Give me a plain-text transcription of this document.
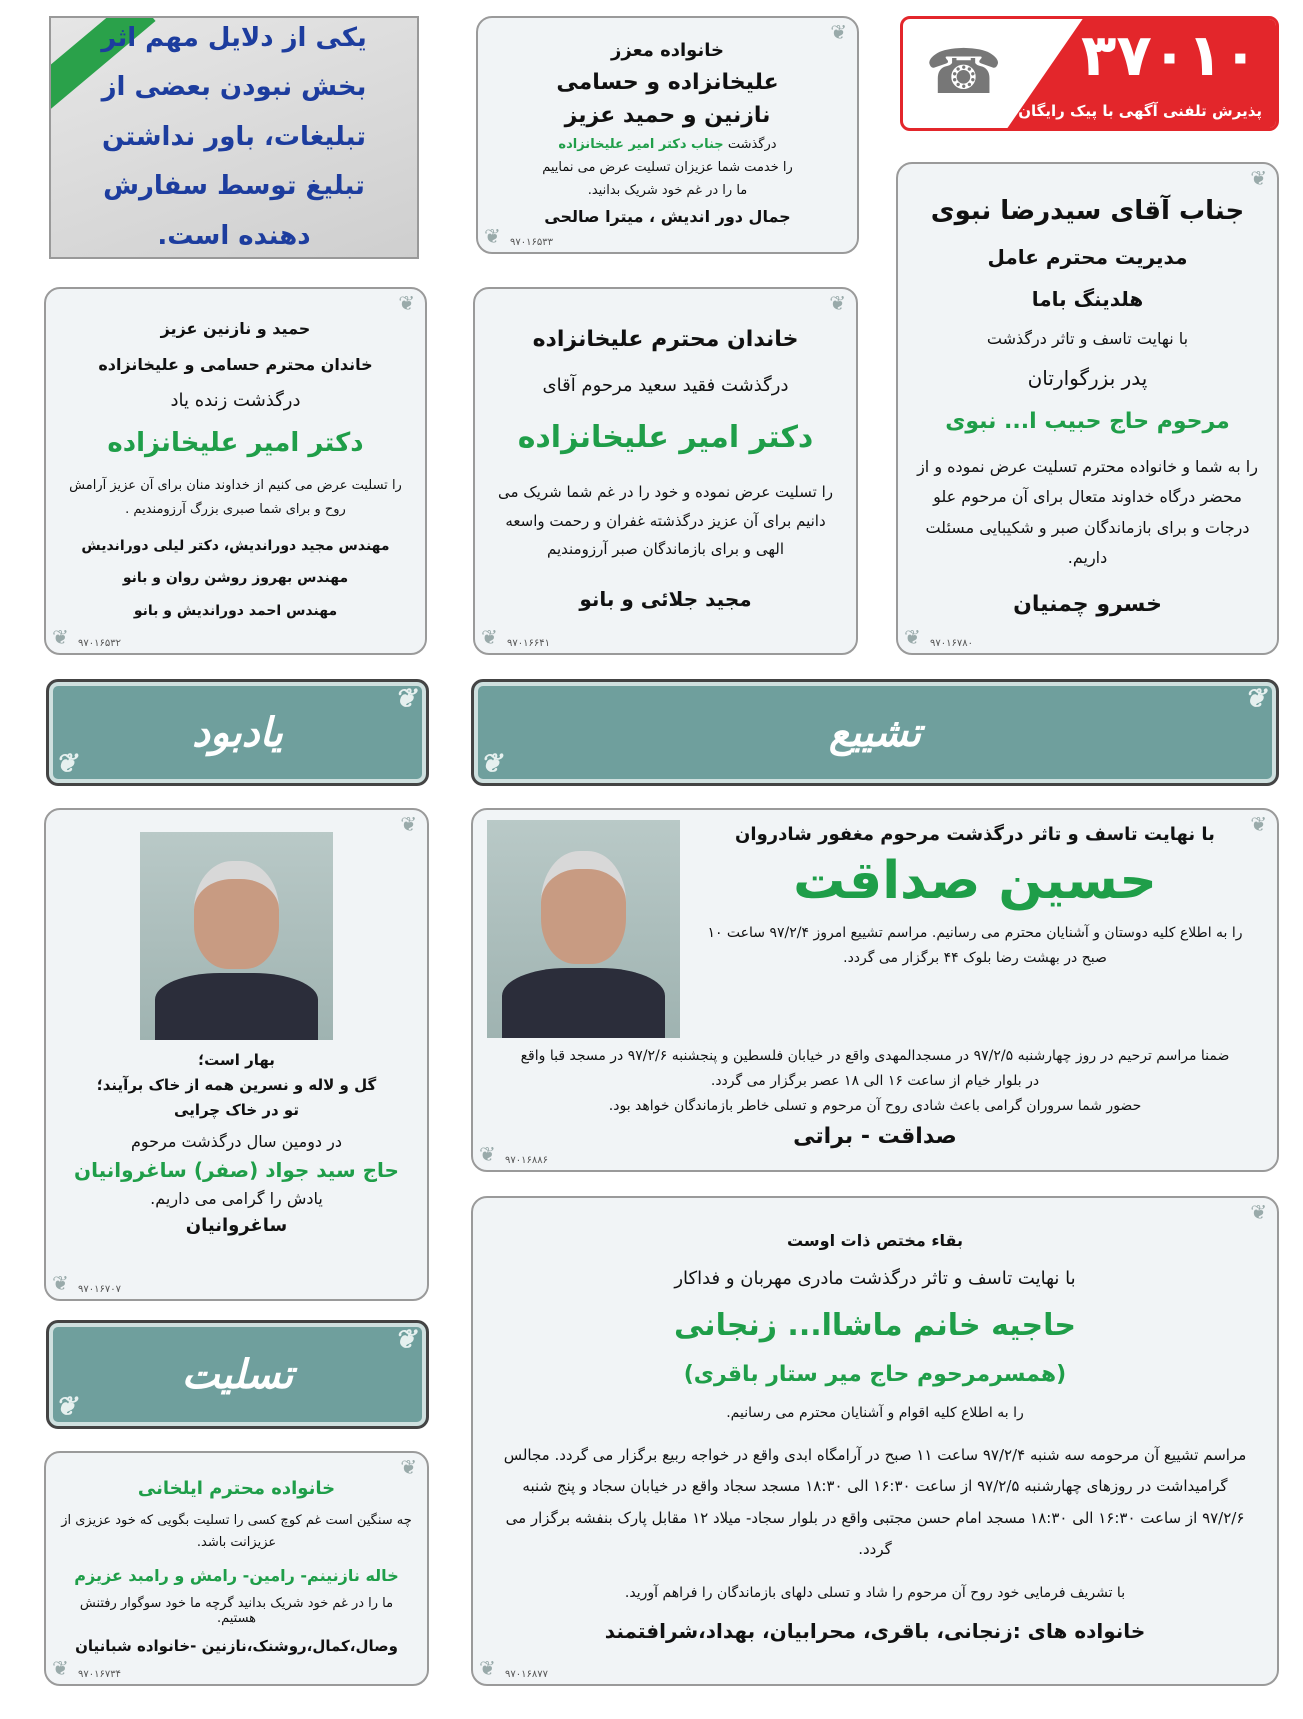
یکی از دلایل مهم اثر بخش نبودن بعضی از تبلیغات، باور نداشتن تبلیغ توسط سفارش دهنده است.
☎ ۳۷۰۱۰
پذیرش تلفنی آگهی با پیک رایگان
❦
❦
خانواده معزز
علیخانزاده و حسامی
نازنین و حمید عزیز
درگذشت جناب دکتر امیر علیخانزاده
را خدمت شما عزیزان تسلیت عرض می نماییم
ما را در غم خود شریک بدانید.
جمال دور اندیش ، میترا صالحی
۹۷۰۱۶۵۳۳
❦
❦
جناب آقای سیدرضا نبوی
مدیریت محترم عامل
هلدینگ باما
با نهایت تاسف و تاثر درگذشت
پدر بزرگوارتان
مرحوم حاج حبیب ا... نبوی
را به شما و خانواده محترم تسلیت عرض نموده و از محضر درگاه خداوند متعال برای آن مرحوم علو درجات و برای بازماندگان صبر و شکیبایی مسئلت داریم.
خسرو چمنیان
۹۷۰۱۶۷۸۰
❦
❦
حمید و نازنین عزیز
خاندان محترم حسامی و علیخانزاده
درگذشت زنده یاد
دکتر امیر علیخانزاده
را تسلیت عرض می کنیم از خداوند منان برای آن عزیز آرامش روح و برای شما صبری بزرگ آرزومندیم .
مهندس مجید دوراندیش، دکتر لیلی دوراندیش
مهندس بهروز روشن روان و بانو
مهندس احمد دوراندیش و بانو
۹۷۰۱۶۵۳۲
❦
❦
خاندان محترم علیخانزاده
درگذشت فقید سعید مرحوم آقای
دکتر امیر علیخانزاده
را تسلیت عرض نموده و خود را در غم شما شریک می دانیم برای آن عزیز درگذشته غفران و رحمت واسعه الهی و برای بازماندگان صبر آرزومندیم
مجید جلائی و بانو
۹۷۰۱۶۶۴۱
❦
❦
یادبود
❦
❦
تشییع
❦
❦
تسلیت
❦
❦
بهار است؛
گل و لاله و نسرین همه از خاک برآیند؛
تو در خاک چرایی
در دومین سال درگذشت مرحوم
حاج سید جواد (صفر) ساغروانیان
یادش را گرامی می داریم.
ساغروانیان
۹۷۰۱۶۷۰۷
❦
❦
با نهایت تاسف و تاثر درگذشت مرحوم مغفور شادروان
حسین صداقت
را به اطلاع کلیه دوستان و آشنایان محترم می رسانیم. مراسم تشییع امروز ۹۷/۲/۴ ساعت ۱۰ صبح در بهشت رضا بلوک ۴۴ برگزار می گردد.
ضمنا مراسم ترحیم در روز چهارشنبه ۹۷/۲/۵ در مسجدالمهدی واقع در خیابان فلسطین و پنجشنبه ۹۷/۲/۶ در مسجد قبا واقع در بلوار خیام از ساعت ۱۶ الی ۱۸ عصر برگزار می گردد.
حضور شما سروران گرامی باعث شادی روح آن مرحوم و تسلی خاطر بازماندگان خواهد بود.
صداقت - براتی
۹۷۰۱۶۸۸۶
❦
❦
خانواده محترم ایلخانی
چه سنگین است غم کوچ کسی را تسلیت بگویی که خود عزیزی از عزیزانت باشد.
خاله نازنینم- رامین- رامش و رامبد عزیزم
ما را در غم خود شریک بدانید گرچه ما خود سوگوار رفتنش هستیم.
وصال،کمال،روشنک،نازنین -خانواده شبانیان
۹۷۰۱۶۷۳۴
❦
❦
بقاء مختص ذات اوست
با نهایت تاسف و تاثر درگذشت مادری مهربان و فداکار
حاجیه خانم ماشاا... زنجانی
(همسرمرحوم حاج میر ستار باقری)
را به اطلاع کلیه اقوام و آشنایان محترم می رسانیم.
مراسم تشییع آن مرحومه سه شنبه ۹۷/۲/۴ ساعت ۱۱ صبح در آرامگاه ابدی واقع در خواجه ربیع برگزار می گردد. مجالس گرامیداشت در روزهای چهارشنبه ۹۷/۲/۵ از ساعت ۱۶:۳۰ الی ۱۸:۳۰ مسجد سجاد واقع در خیابان سجاد و پنج شنبه ۹۷/۲/۶ از ساعت ۱۶:۳۰ الی ۱۸:۳۰ مسجد امام حسن مجتبی واقع در بلوار سجاد- میلاد ۱۲ مقابل پارک بنفشه برگزار می گردد.
با تشریف فرمایی خود روح آن مرحوم را شاد و تسلی دلهای بازماندگان را فراهم آورید.
خانواده های :زنجانی، باقری، محرابیان، بهداد،شرافتمند
۹۷۰۱۶۸۷۷
